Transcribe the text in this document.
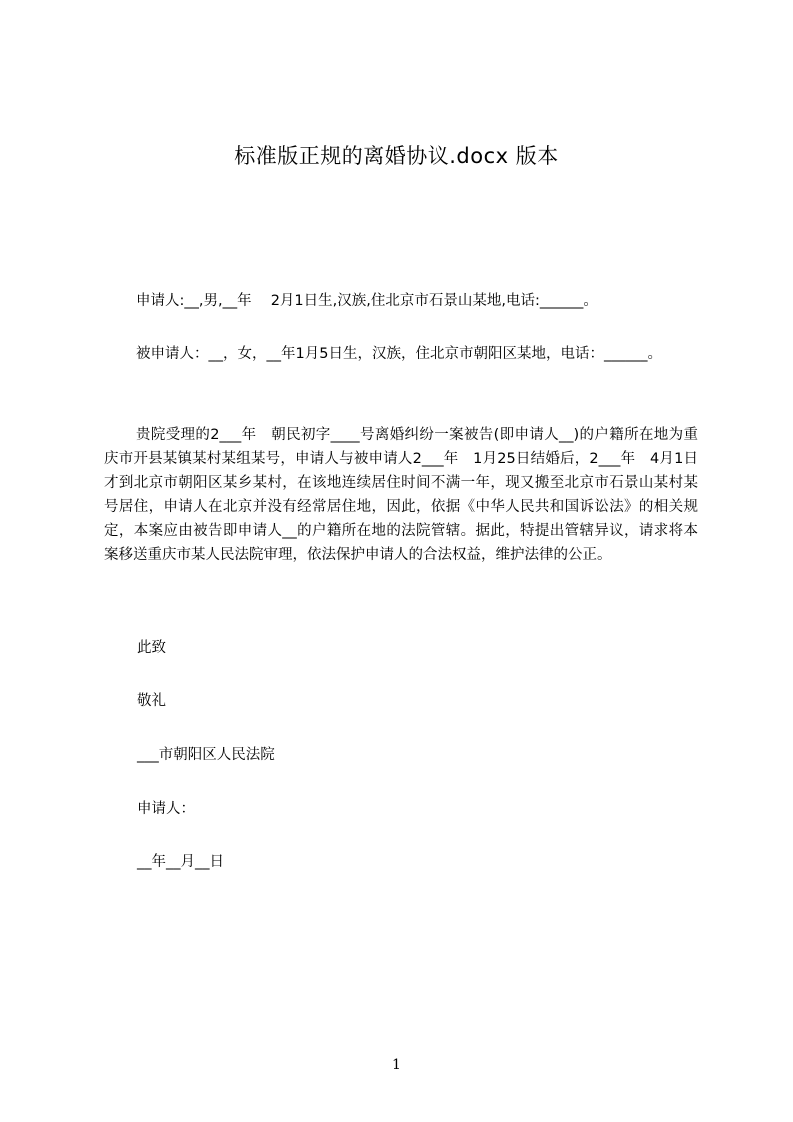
标准版正规的离婚协议.docx 版本

申请人:__,男,__年　 2月1日生,汉族,住北京市石景山某地,电话:______。

被申请人：__，女，__年1月5日生，汉族，住北京市朝阳区某地，电话：______。

贵院受理的2___年　朝民初字____号离婚纠纷一案被告(即申请人__)的户籍所在地为重庆市开县某镇某村某组某号，申请人与被申请人2___年　1月25日结婚后，2___年　4月1日才到北京市朝阳区某乡某村，在该地连续居住时间不满一年，现又搬至北京市石景山某村某号居住，申请人在北京并没有经常居住地，因此，依据《中华人民共和国诉讼法》的相关规定，本案应由被告即申请人__的户籍所在地的法院管辖。据此，特提出管辖异议，请求将本案移送重庆市某人民法院审理，依法保护申请人的合法权益，维护法律的公正。

此致

敬礼

___市朝阳区人民法院

申请人：

__年__月__日

1
